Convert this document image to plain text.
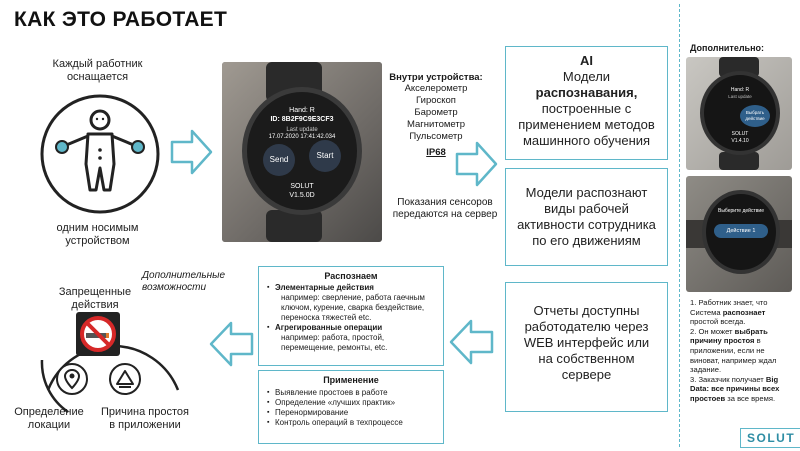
КАК ЭТО РАБОТАЕТ
Каждый работник оснащается
одним носимым устройством
Hand: R
ID: 8B2F9C9E3CF3
Last update
17.07.2020 17:41:42.034
Send	Start
SOLUT
V1.5.0D
Внутри устройства:
Акселерометр
Гироскоп
Барометр
Магнитометр
Пульсометр
IP68
Показания сенсоров передаются на сервер
AI
Модели
распознавания,
построенные с применением методов машинного обучения
Модели распознают виды рабочей активности сотрудника по его движениям
Отчеты доступны работодателю через WEB интерфейс или на собственном сервере
Распознаем
▪ Элементарные действия
например: сверление, работа гаечным ключом, курение, сварка бездействие, переноска тяжестей etc.
▪ Агрегированные операции
например: работа, простой, перемещение, ремонты, etc.
Применение
▪ Выявление простоев в работе
▪ Определение «лучших практик»
▪ Перенормирование
▪ Контроль операций в техпроцессе
Дополнительные возможности
Запрещенные действия
Определение локации
Причина простоя в приложении
Дополнительно:
Hand: R
Last update
Выбрать действие
SOLUT
V1.4.10
Выберите действие
Действие 1
1. Работник знает, что Система распознает простой всегда.
2. Он может выбрать причину простоя в приложении, если не виноват, например ждал задание.
3. Заказчик получает Big Data: все причины всех простоев за все время.
SOLUT
